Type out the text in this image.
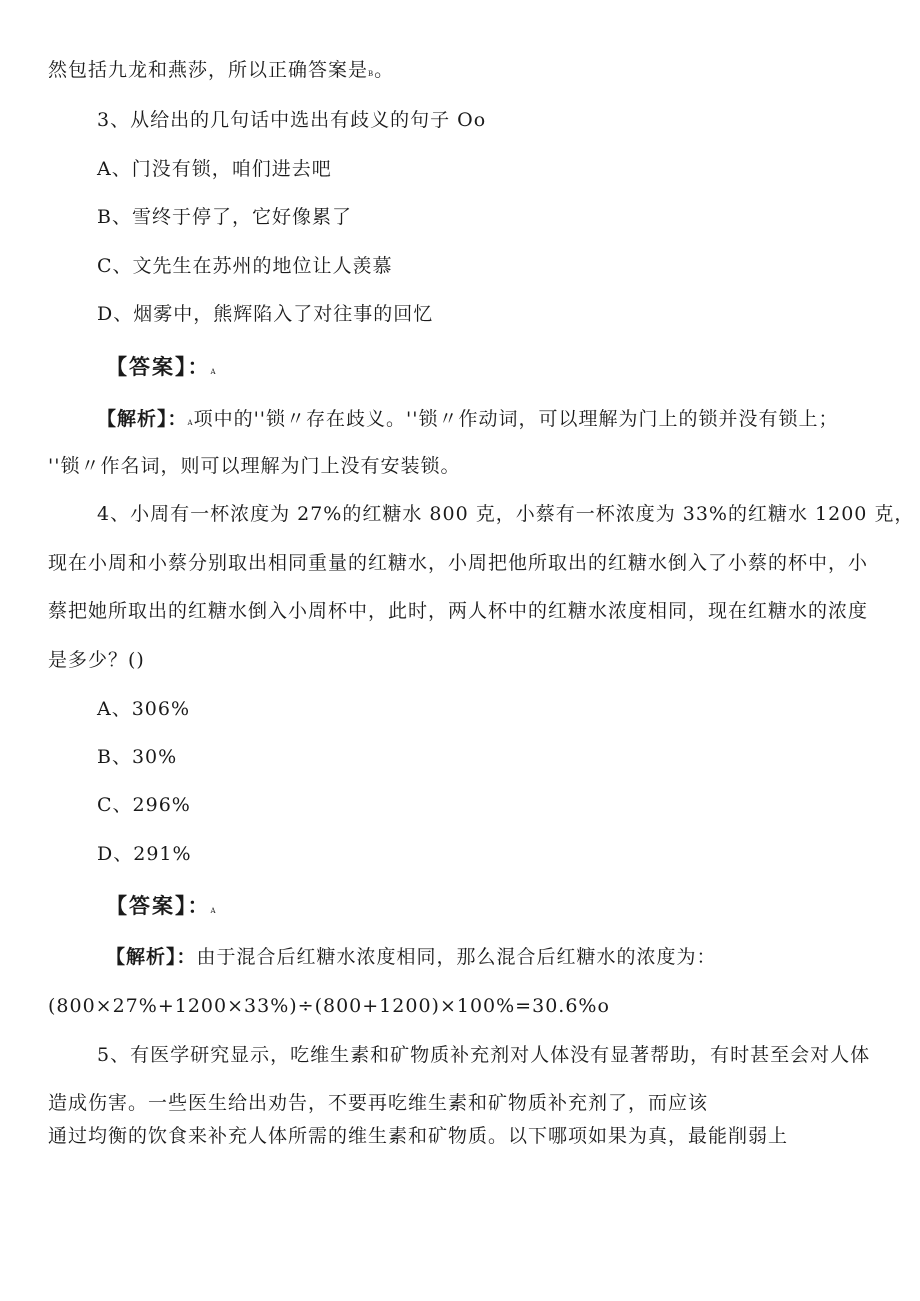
然包括九龙和燕莎，所以正确答案是B。
3、从给出的几句话中选出有歧义的句子 Oo
A、门没有锁，咱们进去吧
B、雪终于停了，它好像累了
C、文先生在苏州的地位让人羡慕
D、烟雾中，熊辉陷入了对往事的回忆
【答案】：A
【解析】：A项中的''锁〃存在歧义。''锁〃作动词，可以理解为门上的锁并没有锁上；
''锁〃作名词，则可以理解为门上没有安装锁。
4、小周有一杯浓度为 27%的红糖水 800 克，小蔡有一杯浓度为 33%的红糖水 1200 克，
现在小周和小蔡分别取出相同重量的红糖水，小周把他所取出的红糖水倒入了小蔡的杯中，小
蔡把她所取出的红糖水倒入小周杯中，此时，两人杯中的红糖水浓度相同，现在红糖水的浓度
是多少？()
A、306%
B、30%
C、296%
D、291%
【答案】：A
【解析】：由于混合后红糖水浓度相同，那么混合后红糖水的浓度为：
(800×27%+1200×33%)÷(800+1200)×100%=30.6%o
5、有医学研究显示，吃维生素和矿物质补充剂对人体没有显著帮助，有时甚至会对人体
造成伤害。一些医生给出劝告，不要再吃维生素和矿物质补充剂了，而应该
通过均衡的饮食来补充人体所需的维生素和矿物质。以下哪项如果为真，最能削弱上
